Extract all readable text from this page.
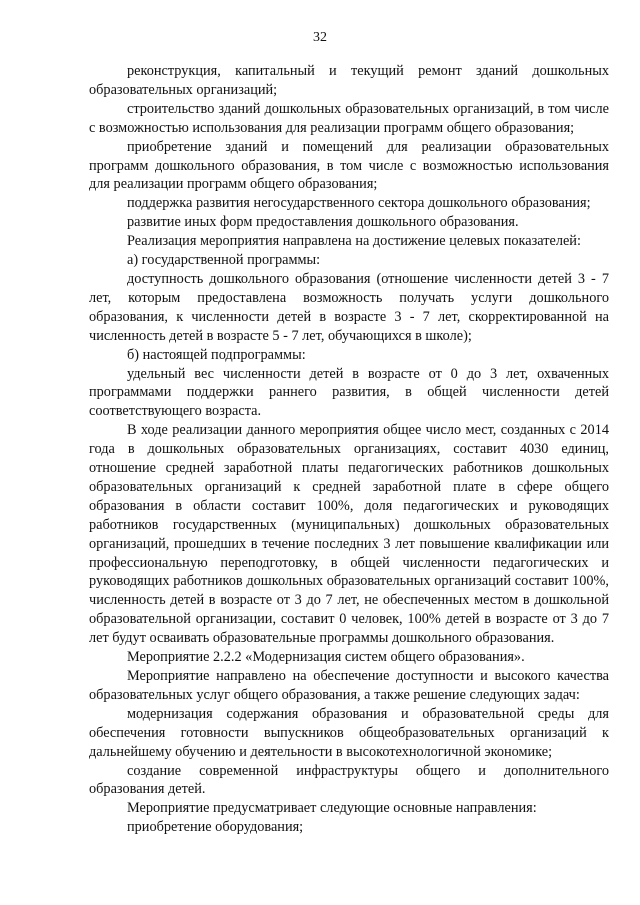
32

реконструкция, капитальный и текущий ремонт зданий дошкольных образовательных организаций;

строительство зданий дошкольных образовательных организаций, в том числе с возможностью использования для реализации программ общего образования;

приобретение зданий и помещений для реализации образовательных программ дошкольного образования, в том числе с возможностью использования для реализации программ общего образования;

поддержка развития негосударственного сектора дошкольного образования;

развитие иных форм предоставления дошкольного образования.

Реализация мероприятия направлена на достижение целевых показателей:

а) государственной программы:

доступность дошкольного образования (отношение численности детей 3 - 7 лет, которым предоставлена возможность получать услуги дошкольного образования, к численности детей в возрасте 3 - 7 лет, скорректированной на численность детей в возрасте 5 - 7 лет, обучающихся в школе);

б) настоящей подпрограммы:

удельный вес численности детей в возрасте от 0 до 3 лет, охваченных программами поддержки раннего развития, в общей численности детей соответствующего возраста.

В ходе реализации данного мероприятия общее число мест, созданных с 2014 года в дошкольных образовательных организациях, составит 4030 единиц, отношение средней заработной платы педагогических работников дошкольных образовательных организаций к средней заработной плате в сфере общего образования в области составит 100%, доля педагогических и руководящих работников государственных (муниципальных) дошкольных образовательных организаций, прошедших в течение последних 3 лет повышение квалификации или профессиональную переподготовку, в общей численности педагогических и руководящих работников дошкольных образовательных организаций составит 100%, численность детей в возрасте от 3 до 7 лет, не обеспеченных местом в дошкольной образовательной организации, составит 0 человек, 100% детей в возрасте от 3 до 7 лет будут осваивать образовательные программы дошкольного образования.

Мероприятие 2.2.2 «Модернизация систем общего образования».

Мероприятие направлено на обеспечение доступности и высокого качества образовательных услуг общего образования, а также решение следующих задач:

модернизация содержания образования и образовательной среды для обеспечения готовности выпускников общеобразовательных организаций к дальнейшему обучению и деятельности в высокотехнологичной экономике;

создание современной инфраструктуры общего и дополнительного образования детей.

Мероприятие предусматривает следующие основные направления:

приобретение оборудования;
